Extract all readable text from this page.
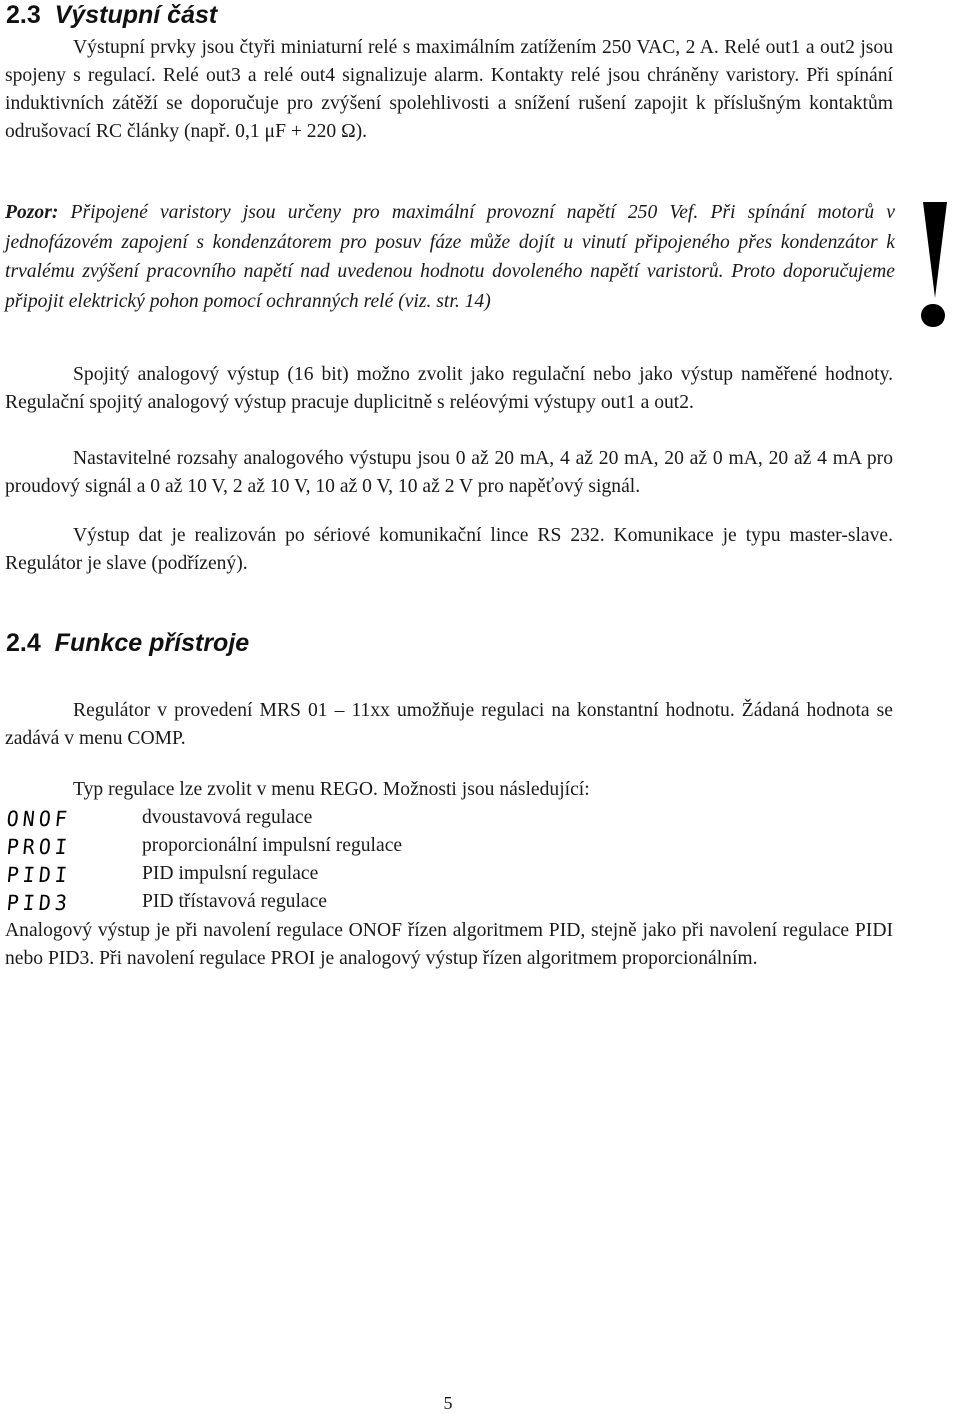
2.3 Výstupní část

Výstupní prvky jsou čtyři miniaturní relé s maximálním zatížením 250 VAC, 2 A. Relé out1 a out2 jsou spojeny s regulací. Relé out3 a relé out4 signalizuje alarm. Kontakty relé jsou chráněny varistory. Při spínání induktivních zátěží se doporučuje pro zvýšení spolehlivosti a snížení rušení zapojit k příslušným kontaktům odrušovací RC články (např. 0,1 μF + 220 Ω).

Pozor: Připojené varistory jsou určeny pro maximální provozní napětí 250 Vef. Při spínání motorů v jednofázovém zapojení s kondenzátorem pro posuv fáze může dojít u vinutí připojeného přes kondenzátor k trvalému zvýšení pracovního napětí nad uvedenou hodnotu dovoleného napětí varistorů. Proto doporučujeme připojit elektrický pohon pomocí ochranných relé (viz. str. 14)

Spojitý analogový výstup (16 bit) možno zvolit jako regulační nebo jako výstup naměřené hodnoty. Regulační spojitý analogový výstup pracuje duplicitně s reléovými výstupy out1 a out2.

Nastavitelné rozsahy analogového výstupu jsou 0 až 20 mA, 4 až 20 mA, 20 až 0 mA, 20 až 4 mA pro proudový signál a 0 až 10 V, 2 až 10 V, 10 až 0 V, 10 až 2 V pro napěťový signál.

Výstup dat je realizován po sériové komunikační lince RS 232. Komunikace je typu master-slave. Regulátor je slave (podřízený).

2.4 Funkce přístroje

Regulátor v provedení MRS 01 – 11xx umožňuje regulaci na konstantní hodnotu. Žádaná hodnota se zadává v menu COMP.

Typ regulace lze zvolit v menu REGO. Možnosti jsou následující:

ONOF	dvoustavová regulace
PROI	proporcionální impulsní regulace
PIDI	PID impulsní regulace
PID3	PID třístavová regulace

Analogový výstup je při navolení regulace ONOF řízen algoritmem PID, stejně jako při navolení regulace PIDI nebo PID3. Při navolení regulace PROI je analogový výstup řízen algoritmem proporcionálním.

5
